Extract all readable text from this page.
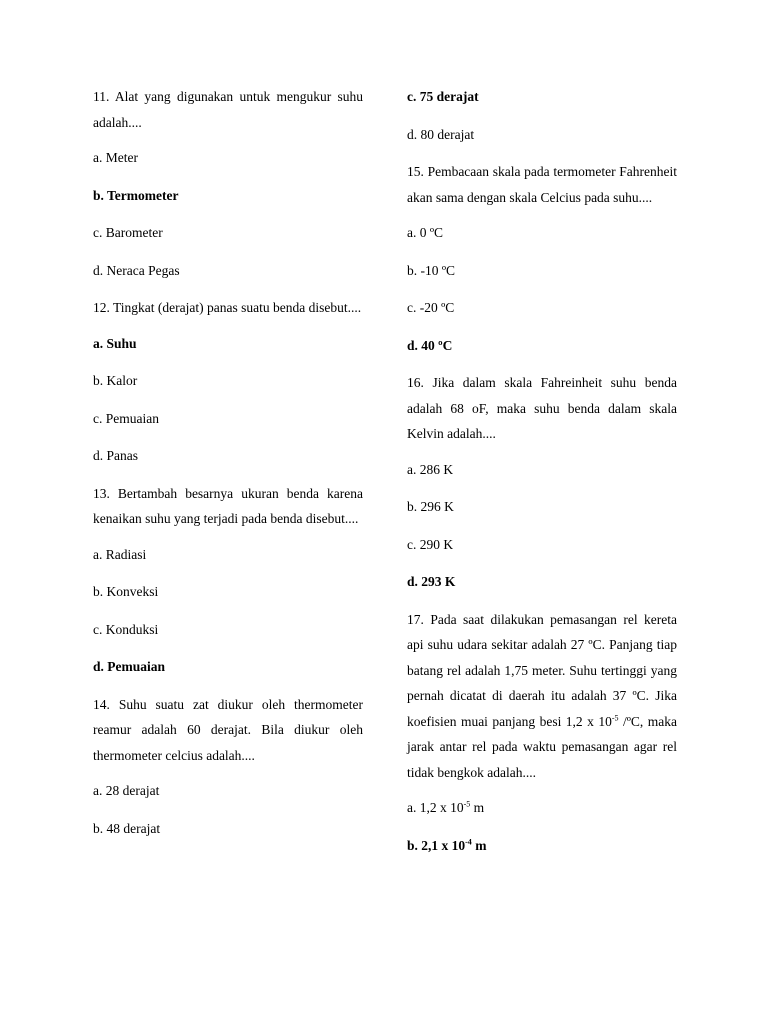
11. Alat yang digunakan untuk mengukur suhu adalah....

a. Meter

b. Termometer

c. Barometer

d. Neraca Pegas

12. Tingkat (derajat) panas suatu benda disebut....

a. Suhu

b. Kalor

c. Pemuaian

d. Panas

13. Bertambah besarnya ukuran benda karena kenaikan suhu yang terjadi pada benda disebut....

a. Radiasi

b. Konveksi

c. Konduksi

d. Pemuaian

14. Suhu suatu zat diukur oleh thermometer reamur adalah 60 derajat. Bila diukur oleh thermometer celcius adalah....

a. 28 derajat

b. 48 derajat

c. 75 derajat

d. 80 derajat

15. Pembacaan skala pada termometer Fahrenheit akan sama dengan skala Celcius pada suhu....

a. 0 ºC

b. -10 ºC

c. -20 ºC

d. 40 ºC

16. Jika dalam skala Fahreinheit suhu benda adalah 68 oF, maka suhu benda dalam skala Kelvin adalah....

a. 286 K

b. 296 K

c. 290 K

d. 293 K

17. Pada saat dilakukan pemasangan rel kereta api suhu udara sekitar adalah 27 ºC. Panjang tiap batang rel adalah 1,75 meter. Suhu tertinggi yang pernah dicatat di daerah itu adalah 37 ºC. Jika koefisien muai panjang besi 1,2 x $10^{-5}$ /ºC, maka jarak antar rel pada waktu pemasangan agar rel tidak bengkok adalah....

a. 1,2 x $10^{-5}$ m

b. 2,1 x $10^{-4}$ m
